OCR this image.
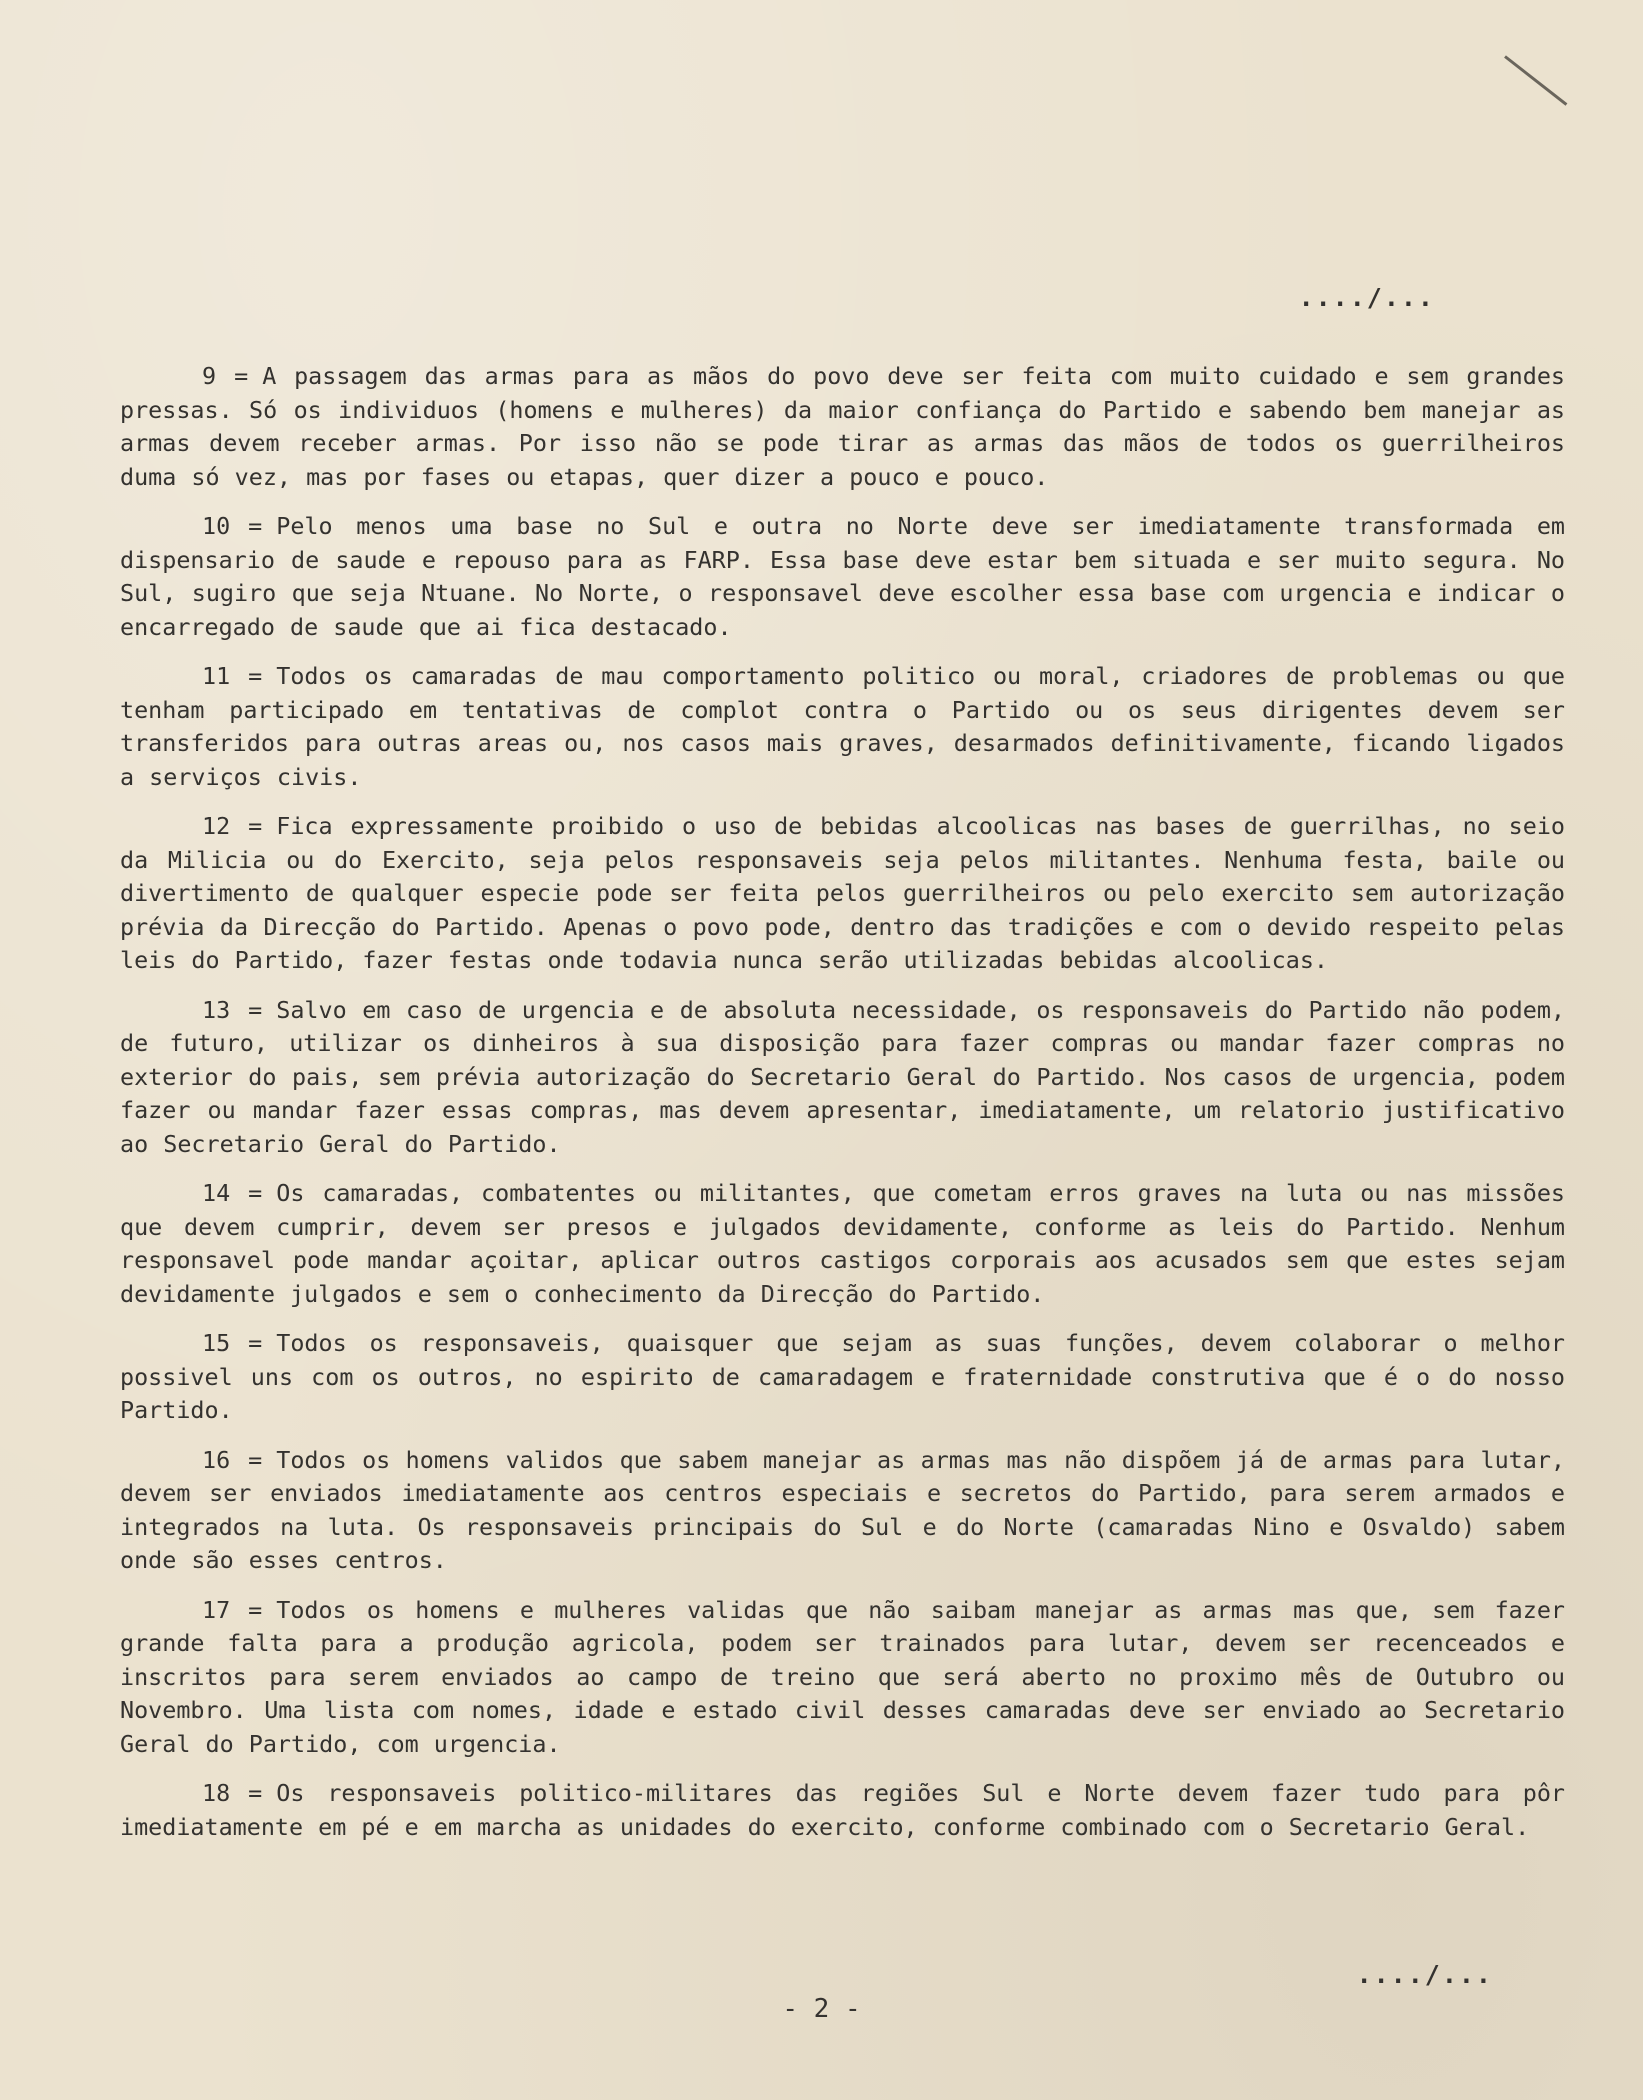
..../...

9 = A passagem das armas para as mãos do povo deve ser feita com muito cuidado e sem grandes pressas. Só os individuos (homens e mulheres) da maior confiança do Partido e sabendo bem manejar as armas devem receber armas. Por isso não se pode tirar as armas das mãos de todos os guerrilheiros duma só vez, mas por fases ou etapas, quer dizer a pouco e pouco.

10 = Pelo menos uma base no Sul e outra no Norte deve ser imediatamente transformada em dispensario de saude e repouso para as FARP. Essa base deve estar bem situada e ser muito segura. No Sul, sugiro que seja Ntuane. No Norte, o responsavel deve escolher essa base com urgencia e indicar o encarregado de saude que ai fica destacado.

11 = Todos os camaradas de mau comportamento politico ou moral, criadores de problemas ou que tenham participado em tentativas de complot contra o Partido ou os seus dirigentes devem ser transferidos para outras areas ou, nos casos mais graves, desarmados definitivamente, ficando ligados a serviços civis.

12 = Fica expressamente proibido o uso de bebidas alcoolicas nas bases de guerrilhas, no seio da Milicia ou do Exercito, seja pelos responsaveis seja pelos militantes. Nenhuma festa, baile ou divertimento de qualquer especie pode ser feita pelos guerrilheiros ou pelo exercito sem autorização prévia da Direcção do Partido. Apenas o povo pode, dentro das tradições e com o devido respeito pelas leis do Partido, fazer festas onde todavia nunca serão utilizadas bebidas alcoolicas.

13 = Salvo em caso de urgencia e de absoluta necessidade, os responsaveis do Partido não podem, de futuro, utilizar os dinheiros à sua disposição para fazer compras ou mandar fazer compras no exterior do pais, sem prévia autorização do Secretario Geral do Partido. Nos casos de urgencia, podem fazer ou mandar fazer essas compras, mas devem apresentar, imediatamente, um relatorio justificativo ao Secretario Geral do Partido.

14 = Os camaradas, combatentes ou militantes, que cometam erros graves na luta ou nas missões que devem cumprir, devem ser presos e julgados devidamente, conforme as leis do Partido. Nenhum responsavel pode mandar açoitar, aplicar outros castigos corporais aos acusados sem que estes sejam devidamente julgados e sem o conhecimento da Direcção do Partido.

15 = Todos os responsaveis, quaisquer que sejam as suas funções, devem colaborar o melhor possivel uns com os outros, no espirito de camaradagem e fraternidade construtiva que é o do nosso Partido.

16 = Todos os homens validos que sabem manejar as armas mas não dispõem já de armas para lutar, devem ser enviados imediatamente aos centros especiais e secretos do Partido, para serem armados e integrados na luta. Os responsaveis principais do Sul e do Norte (camaradas Nino e Osvaldo) sabem onde são esses centros.

17 = Todos os homens e mulheres validas que não saibam manejar as armas mas que, sem fazer grande falta para a produção agricola, podem ser trainados para lutar, devem ser recenceados e inscritos para serem enviados ao campo de treino que será aberto no proximo mês de Outubro ou Novembro. Uma lista com nomes, idade e estado civil desses camaradas deve ser enviado ao Secretario Geral do Partido, com urgencia.

18 = Os responsaveis politico-militares das regiões Sul e Norte devem fazer tudo para pôr imediatamente em pé e em marcha as unidades do exercito, conforme combinado com o Secretario Geral.

..../...
- 2 -
